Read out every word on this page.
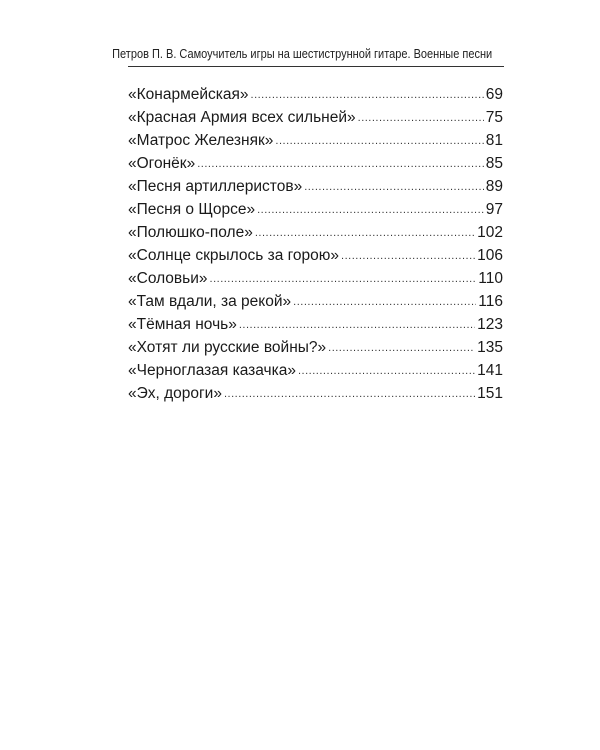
Петров П. В. Самоучитель игры на шестиструнной гитаре. Военные песни
«Конармейская» .....	69
«Красная Армия всех сильней» .....	75
«Матрос Железняк» .....	81
«Огонёк» .....	85
«Песня артиллеристов» .....	89
«Песня о Щорсе» .....	97
«Полюшко-поле» .....	102
«Солнце скрылось за горою» .....	106
«Соловьи» .....	110
«Там вдали, за рекой» .....	116
«Тёмная ночь» .....	123
«Хотят ли русские войны?» .....	135
«Черноглазая казачка» .....	141
«Эх, дороги» .....	151
